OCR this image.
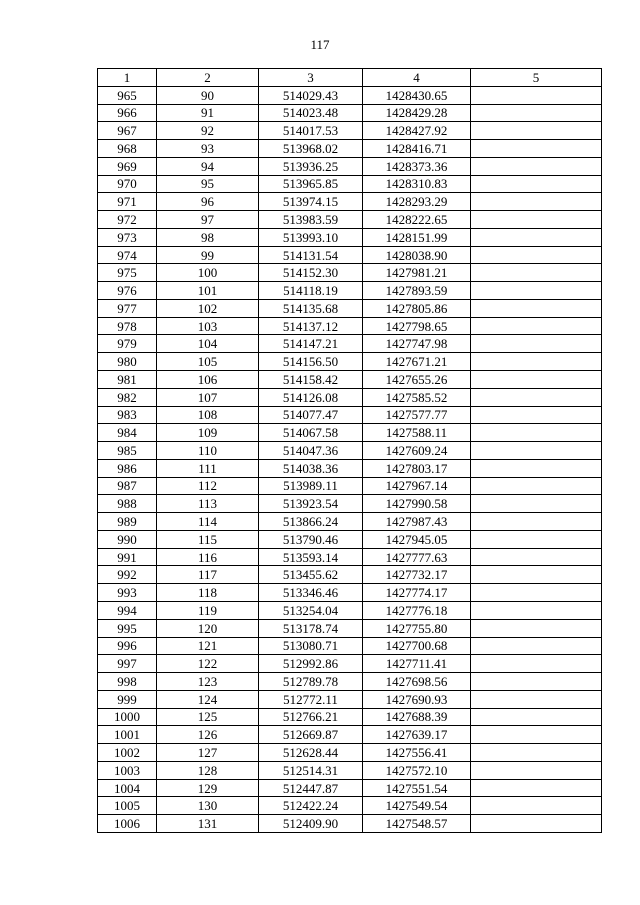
117
1	2	3	4	5
965	90	514029.43	1428430.65	
966	91	514023.48	1428429.28	
967	92	514017.53	1428427.92	
968	93	513968.02	1428416.71	
969	94	513936.25	1428373.36	
970	95	513965.85	1428310.83	
971	96	513974.15	1428293.29	
972	97	513983.59	1428222.65	
973	98	513993.10	1428151.99	
974	99	514131.54	1428038.90	
975	100	514152.30	1427981.21	
976	101	514118.19	1427893.59	
977	102	514135.68	1427805.86	
978	103	514137.12	1427798.65	
979	104	514147.21	1427747.98	
980	105	514156.50	1427671.21	
981	106	514158.42	1427655.26	
982	107	514126.08	1427585.52	
983	108	514077.47	1427577.77	
984	109	514067.58	1427588.11	
985	110	514047.36	1427609.24	
986	111	514038.36	1427803.17	
987	112	513989.11	1427967.14	
988	113	513923.54	1427990.58	
989	114	513866.24	1427987.43	
990	115	513790.46	1427945.05	
991	116	513593.14	1427777.63	
992	117	513455.62	1427732.17	
993	118	513346.46	1427774.17	
994	119	513254.04	1427776.18	
995	120	513178.74	1427755.80	
996	121	513080.71	1427700.68	
997	122	512992.86	1427711.41	
998	123	512789.78	1427698.56	
999	124	512772.11	1427690.93	
1000	125	512766.21	1427688.39	
1001	126	512669.87	1427639.17	
1002	127	512628.44	1427556.41	
1003	128	512514.31	1427572.10	
1004	129	512447.87	1427551.54	
1005	130	512422.24	1427549.54	
1006	131	512409.90	1427548.57	
